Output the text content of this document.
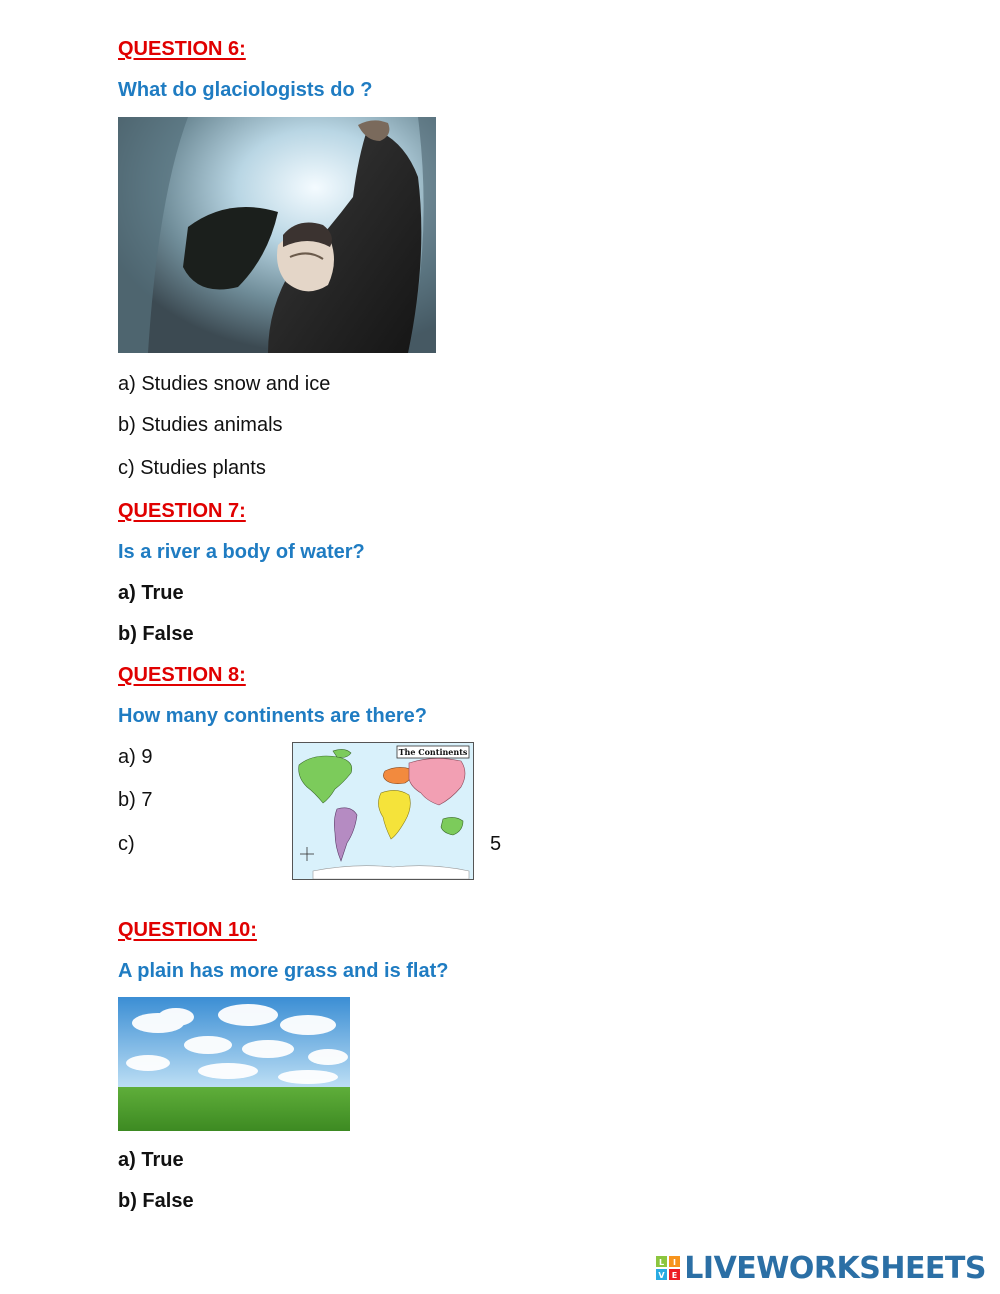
QUESTION 6:
What do glaciologists do ?
a) Studies snow and ice
b) Studies animals
c) Studies plants
QUESTION 7:
Is a river a body of water?
a) True
b) False
QUESTION 8:
How many continents are there?
a) 9
b) 7
c)	5
The Continents
QUESTION 10:
A plain has more grass and is flat?
a) True
b) False
L I
V E LIVEWORKSHEETS
